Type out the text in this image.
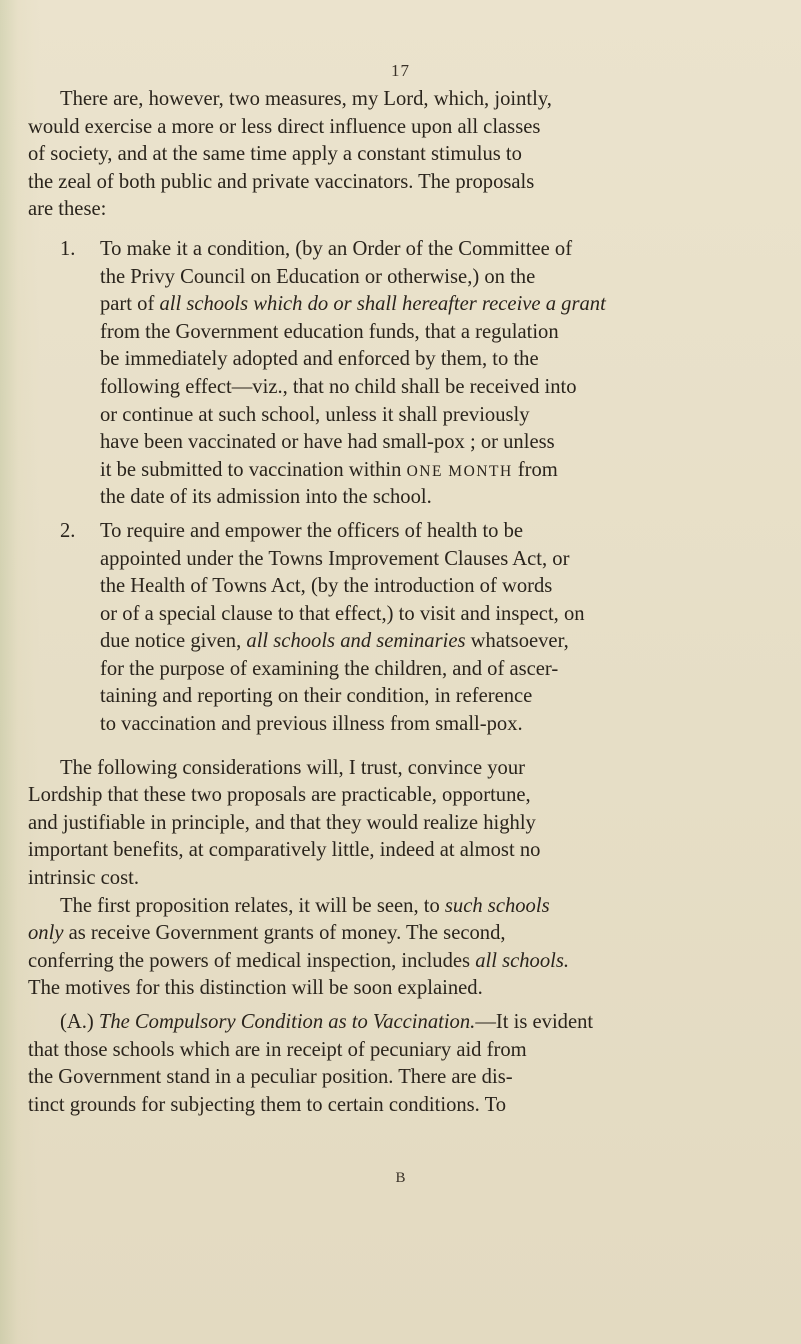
17
There are, however, two measures, my Lord, which, jointly,
would exercise a more or less direct influence upon all classes
of society, and at the same time apply a constant stimulus to
the zeal of both public and private vaccinators. The proposals
are these:
1. To make it a condition, (by an Order of the Committee of
the Privy Council on Education or otherwise,) on the
part of all schools which do or shall hereafter receive a grant
from the Government education funds, that a regulation
be immediately adopted and enforced by them, to the
following effect—viz., that no child shall be received into
or continue at such school, unless it shall previously
have been vaccinated or have had small-pox ; or unless
it be submitted to vaccination within ONE MONTH from
the date of its admission into the school.
2. To require and empower the officers of health to be
appointed under the Towns Improvement Clauses Act, or
the Health of Towns Act, (by the introduction of words
or of a special clause to that effect,) to visit and inspect, on
due notice given, all schools and seminaries whatsoever,
for the purpose of examining the children, and of ascer-
taining and reporting on their condition, in reference
to vaccination and previous illness from small-pox.
The following considerations will, I trust, convince your
Lordship that these two proposals are practicable, opportune,
and justifiable in principle, and that they would realize highly
important benefits, at comparatively little, indeed at almost no
intrinsic cost.
The first proposition relates, it will be seen, to such schools
only as receive Government grants of money. The second,
conferring the powers of medical inspection, includes all schools.
The motives for this distinction will be soon explained.
(A.) The Compulsory Condition as to Vaccination.—It is evident
that those schools which are in receipt of pecuniary aid from
the Government stand in a peculiar position. There are dis-
tinct grounds for subjecting them to certain conditions. To
B
